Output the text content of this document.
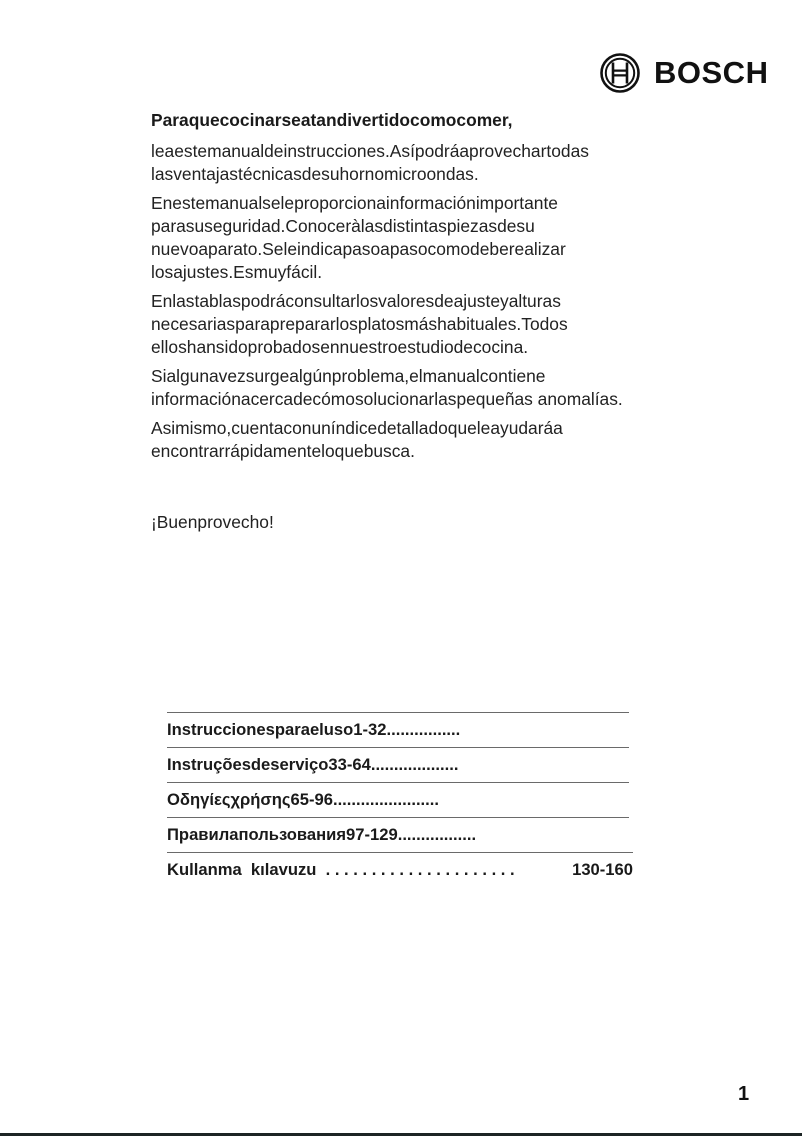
BOSCH
Paraquecocinarseatandivertidocomocomer,

leaestemanualdeinstrucciones.Asípodráaprovechartodas lasventajastécnicasdesuhornomicroondas.

Enestemanualseleproporcionainformaciónimportante parasuseguridad.Conoceràlasdistintaspiezasdesu nuevoaparato.Seleindicapasoapasocomodeberealizar losajustes.Esmuyfácil.

Enlastablaspodráconsultarlosvaloresdeajusteyalturas necesariasparaprepararlosplatosmáshabituales.Todos elloshansidoprobadosennuestroestudiodecocina.

Sialgunavezsurgealgúnproblema,elmanualcontiene informaciónacercadecómosolucionarlaspequeñas anomalías.

Asimismo,cuentaconuníndicedetalladoqueleayudaráa encontrarrápidamenteloquebusca.

¡Buenprovecho!
Instruccionesparaeluso1-32................
Instruçõesdeserviço33-64...................
Οδηγίεςχρήσης65-96.......................
Правилапользования97-129.................
Kullanma  kılavuzu  . . . . . . . . . . . . . . . . . . . . .	130-160
1
